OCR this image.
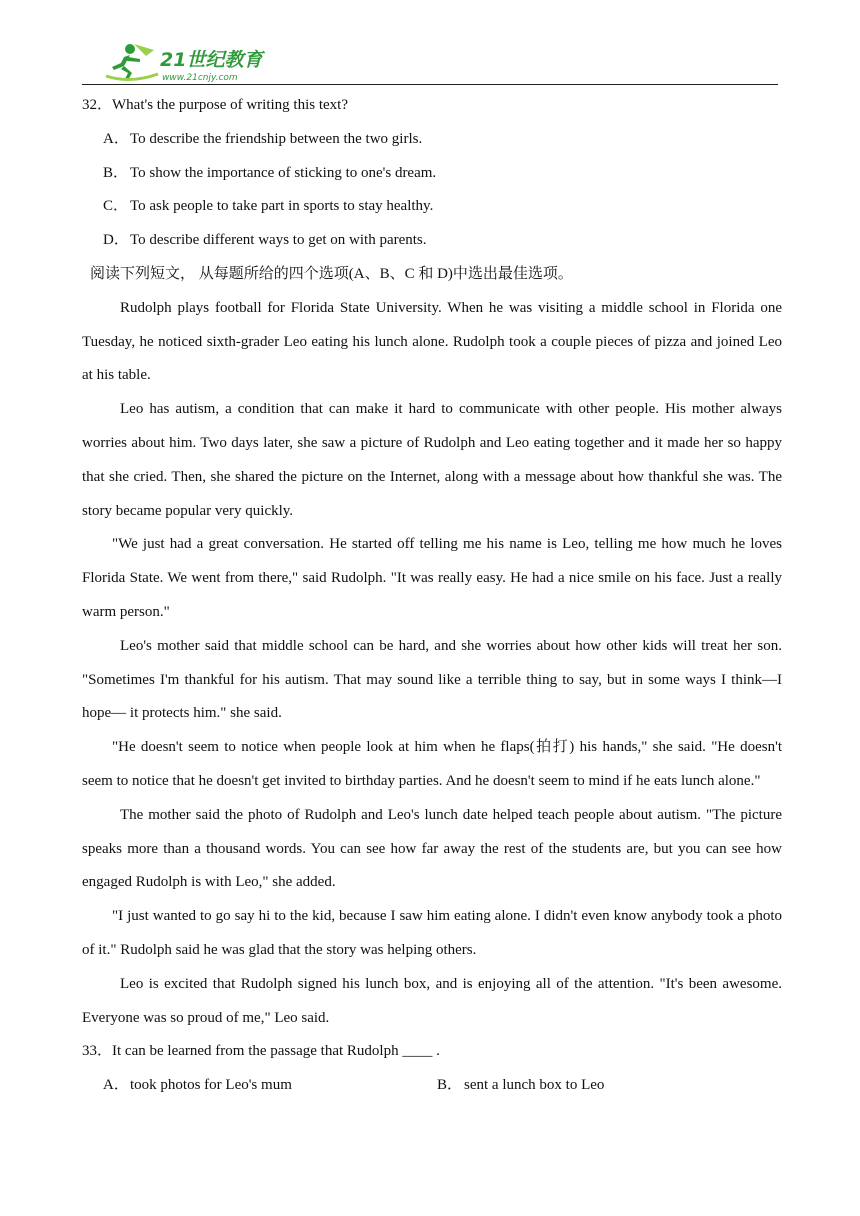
21世纪教育
www.21cnjy.com
32．What's the purpose of writing this text?
A．To describe the friendship between the two girls.
B． To show the importance of sticking to one's dream.
C． To ask people to take part in sports to stay healthy.
D．To describe different ways to get on with parents.
阅读下列短文， 从每题所给的四个选项(A、B、C 和 D)中选出最佳选项。

Rudolph plays football for Florida State University. When he was visiting a middle school in Florida one Tuesday, he noticed sixth-grader Leo eating his lunch alone. Rudolph took a couple pieces of pizza and joined Leo at his table.

Leo has autism, a condition that can make it hard to communicate with other people. His mother always worries about him. Two days later, she saw a picture of Rudolph and Leo eating together and it made her so happy that she cried. Then, she shared the picture on the Internet, along with a message about how thankful she was. The story became popular very quickly.

"We just had a great conversation. He started off telling me his name is Leo, telling me how much he loves Florida State. We went from there," said Rudolph. "It was really easy. He had a nice smile on his face. Just a really warm person."

Leo's mother said that middle school can be hard, and she worries about how other kids will treat her son. "Sometimes I'm thankful for his autism. That may sound like a terrible thing to say, but in some ways I think—I hope— it protects him." she said.

"He doesn't seem to notice when people look at him when he flaps(拍打) his hands," she said. "He doesn't seem to notice that he doesn't get invited to birthday parties. And he doesn't seem to mind if he eats lunch alone."

The mother said the photo of Rudolph and Leo's lunch date helped teach people about autism. "The picture speaks more than a thousand words. You can see how far away the rest of the students are, but you can see how engaged Rudolph is with Leo," she added.

"I just wanted to go say hi to the kid, because I saw him eating alone. I didn't even know anybody took a photo of it." Rudolph said he was glad that the story was helping others.

Leo is excited that Rudolph signed his lunch box, and is enjoying all of the attention. "It's been awesome. Everyone was so proud of me," Leo said.

33．It can be learned from the passage that Rudolph ____ .
A．took photos for Leo's mum	B． sent a lunch box to Leo
